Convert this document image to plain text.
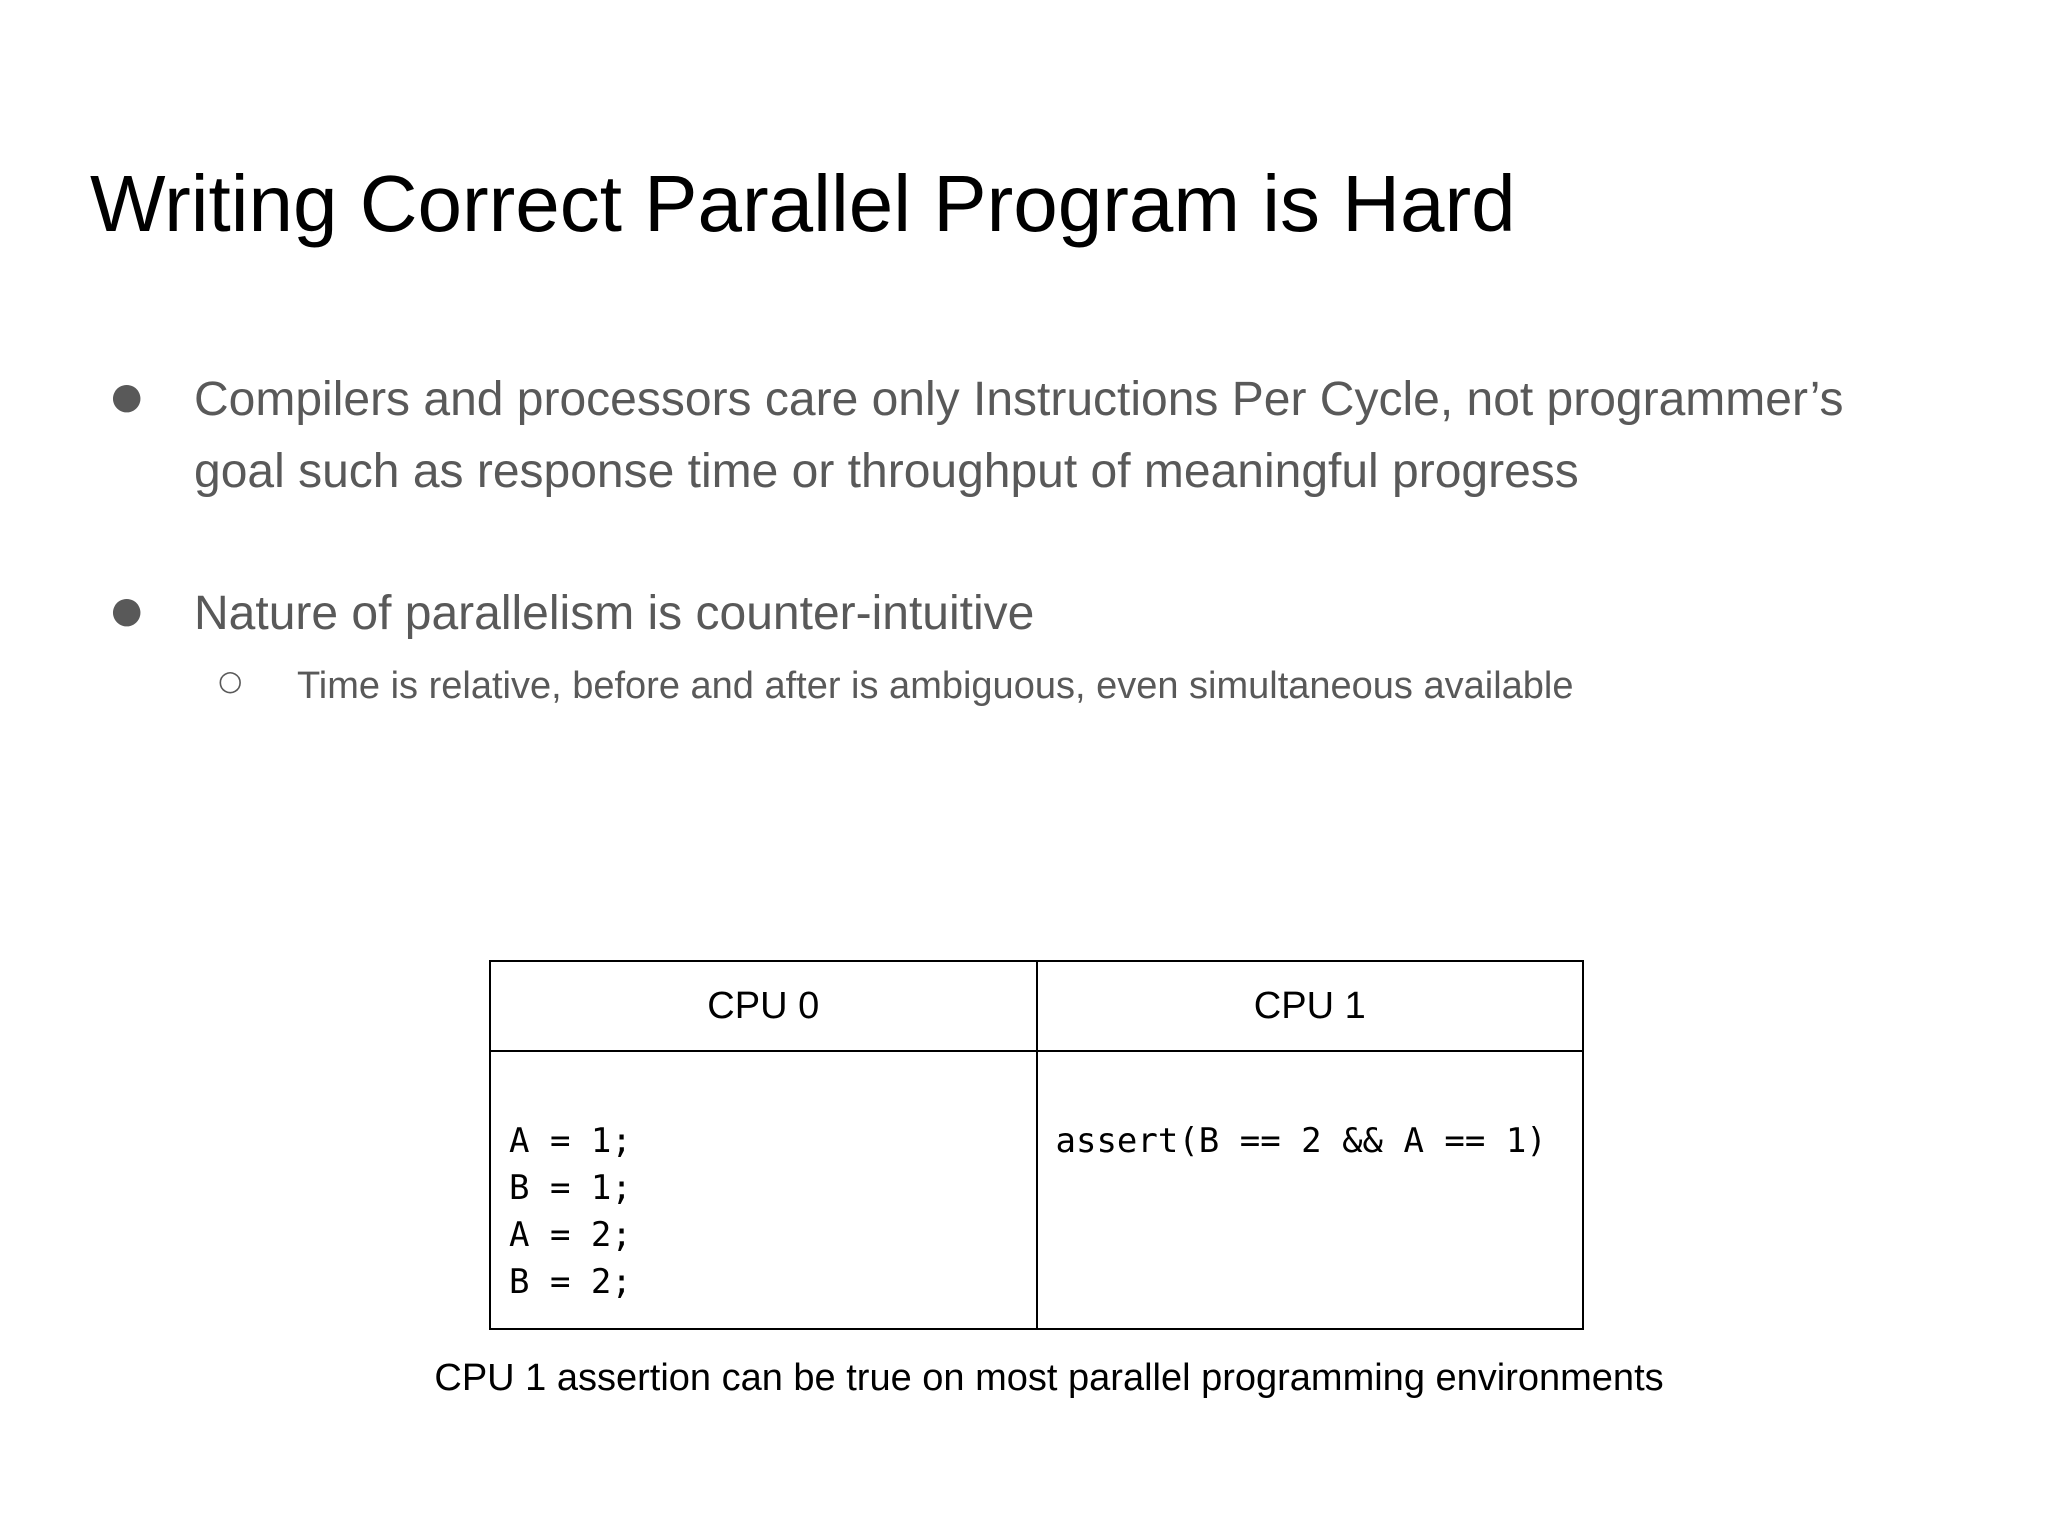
Writing Correct Parallel Program is Hard
● Compilers and processors care only Instructions Per Cycle, not programmer’s goal such as response time or throughput of meaningful progress
● Nature of parallelism is counter-intuitive
○ Time is relative, before and after is ambiguous, even simultaneous available
CPU 0	CPU 1

A = 1;
B = 1;
A = 2;
B = 2;	assert(B == 2 && A == 1)
CPU 1 assertion can be true on most parallel programming environments
